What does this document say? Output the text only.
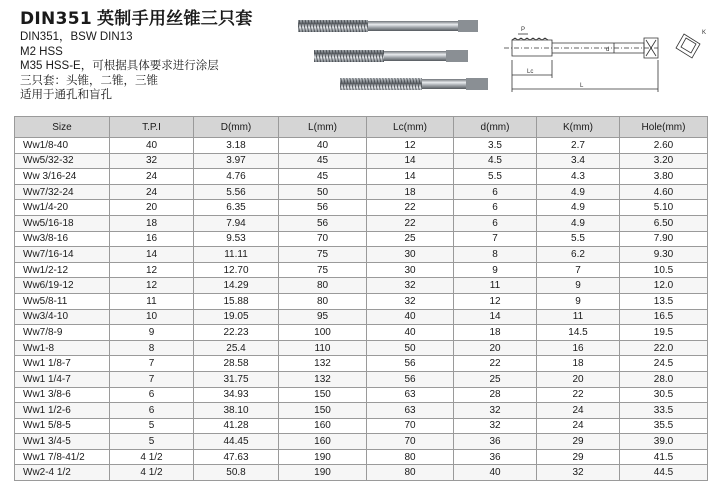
DIN351 英制手用丝锥三只套
DIN351，BSW DIN13
M2 HSS
M35 HSS-E，可根据具体要求进行涂层
三只套：头锥，二锥，三锥
适用于通孔和盲孔
P
d
Lc
L
K
Size	T.P.I	D(mm)	L(mm)	Lc(mm)	d(mm)	K(mm)	Hole(mm)
Ww1/8-40	40	3.18	40	12	3.5	2.7	2.60
Ww5/32-32	32	3.97	45	14	4.5	3.4	3.20
Ww 3/16-24	24	4.76	45	14	5.5	4.3	3.80
Ww7/32-24	24	5.56	50	18	6	4.9	4.60
Ww1/4-20	20	6.35	56	22	6	4.9	5.10
Ww5/16-18	18	7.94	56	22	6	4.9	6.50
Ww3/8-16	16	9.53	70	25	7	5.5	7.90
Ww7/16-14	14	11.11	75	30	8	6.2	9.30
Ww1/2-12	12	12.70	75	30	9	7	10.5
Ww6/19-12	12	14.29	80	32	11	9	12.0
Ww5/8-11	11	15.88	80	32	12	9	13.5
Ww3/4-10	10	19.05	95	40	14	11	16.5
Ww7/8-9	9	22.23	100	40	18	14.5	19.5
Ww1-8	8	25.4	110	50	20	16	22.0
Ww1 1/8-7	7	28.58	132	56	22	18	24.5
Ww1 1/4-7	7	31.75	132	56	25	20	28.0
Ww1 3/8-6	6	34.93	150	63	28	22	30.5
Ww1 1/2-6	6	38.10	150	63	32	24	33.5
Ww1 5/8-5	5	41.28	160	70	32	24	35.5
Ww1 3/4-5	5	44.45	160	70	36	29	39.0
Ww1 7/8-41/2	4 1/2	47.63	190	80	36	29	41.5
Ww2-4 1/2	4 1/2	50.8	190	80	40	32	44.5
